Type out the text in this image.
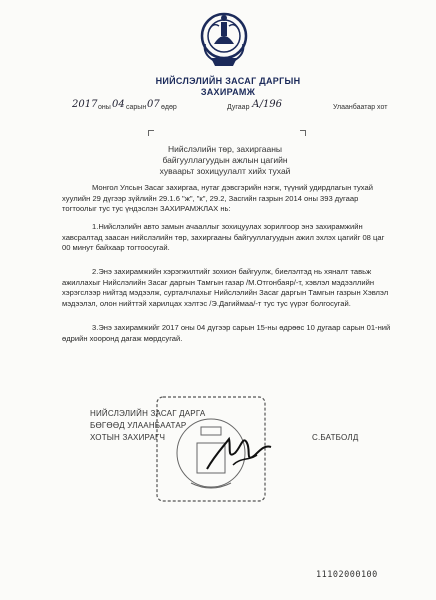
НИЙСЛЭЛИЙН ЗАСАГ ДАРГЫН
ЗАХИРАМЖ
2017 оны 04 сарын 07 өдөр	Дугаар А/196	Улаанбаатар хот
Нийслэлийн төр, захиргааны
байгууллагуудын ажлын цагийн
хуваарьт зохицуулалт хийх тухай
Монгол Улсын Засаг захиргаа, нутаг дэвсгэрийн нэгж, түүний удирдлагын тухай хуулийн 29 дүгээр зүйлийн 29.1.6 "ж", "к", 29.2, Засгийн газрын 2014 оны 393 дугаар тогтоолыг тус тус үндэслэн ЗАХИРАМЖЛАХ нь:
1.Нийслэлийн авто замын ачааллыг зохицуулах зорилгоор энэ захирамжийн хавсралтад заасан нийслэлийн төр, захиргааны байгууллагуудын ажил эхлэх цагийг 08 цаг 00 минут байхаар тогтоосугай.
2.Энэ захирамжийн хэрэгжилтийг зохион байгуулж, биелэлтэд нь хяналт тавьж ажиллахыг Нийслэлийн Засаг даргын Тамгын газар /М.Отгонбаяр/-т, хэвлэл мэдээллийн хэрэгслээр нийтэд мэдээлж, сурталчлахыг Нийслэлийн Засаг даргын Тамгын газрын Хэвлэл мэдээлэл, олон нийттэй харилцах хэлтэс /Э.Дагиймаа/-т тус тус үүрэг болгосугай.
3.Энэ захирамжийг 2017 оны 04 дүгээр сарын 15-ны өдрөөс 10 дугаар сарын 01-ний өдрийн хооронд дагаж мөрдсугай.
НИЙСЛЭЛИЙН ЗАСАГ ДАРГА
БӨГӨӨД УЛААНБААТАР
ХОТЫН ЗАХИРАГЧ	С.БАТБОЛД
11102000100
